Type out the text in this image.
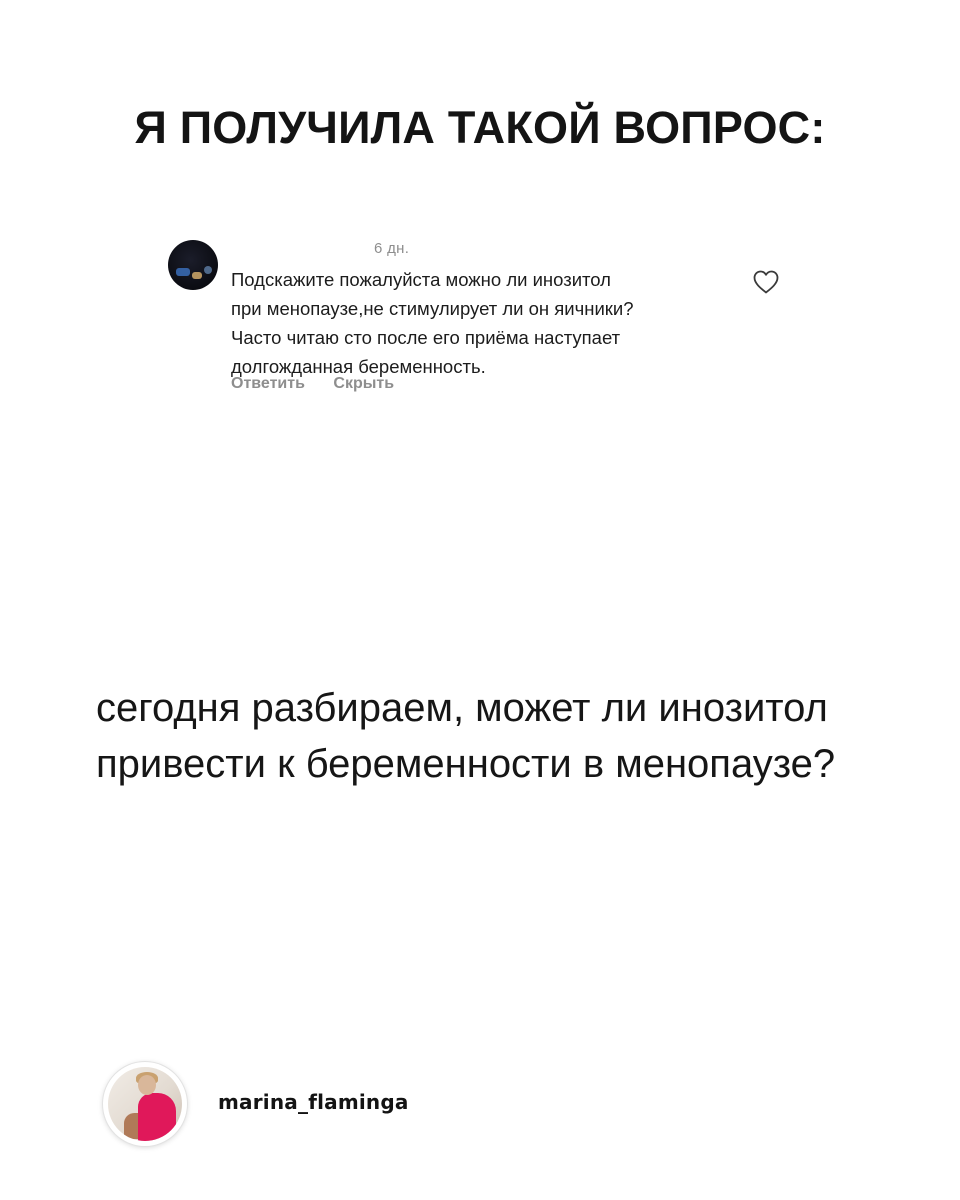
Я ПОЛУЧИЛА ТАКОЙ ВОПРОС:
6 дн.
Подскажите пожалуйста можно ли инозитол
при менопаузе,не стимулирует ли он яичники?
Часто читаю сто после его приёма наступает
долгожданная беременность.
Ответить Скрыть
сегодня разбираем, может ли инозитол
привести к беременности в менопаузе?
marina_flaminga
